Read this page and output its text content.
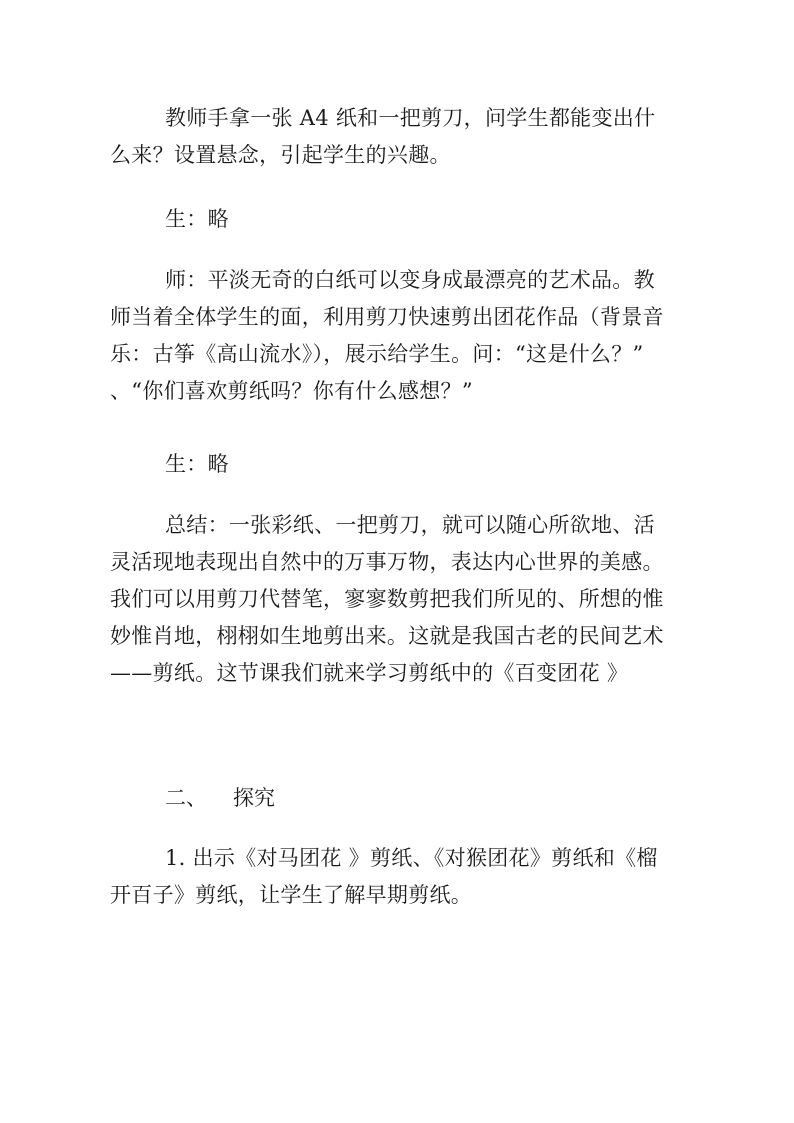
教师手拿一张 A4 纸和一把剪刀，问学生都能变出什么来？设置悬念，引起学生的兴趣。

生：略

师：平淡无奇的白纸可以变身成最漂亮的艺术品。教师当着全体学生的面，利用剪刀快速剪出团花作品（背景音乐：古筝《高山流水》），展示给学生。问：“这是什么？” 、“你们喜欢剪纸吗？你有什么感想？”

生：略

总结：一张彩纸、一把剪刀，就可以随心所欲地、活灵活现地表现出自然中的万事万物，表达内心世界的美感。我们可以用剪刀代替笔，寥寥数剪把我们所见的、所想的惟妙惟肖地，栩栩如生地剪出来。这就是我国古老的民间艺术——剪纸。这节课我们就来学习剪纸中的《百变团花 》

二、 探究

1. 出示《对马团花 》剪纸、《对猴团花》剪纸和《榴开百子》剪纸，让学生了解早期剪纸。
